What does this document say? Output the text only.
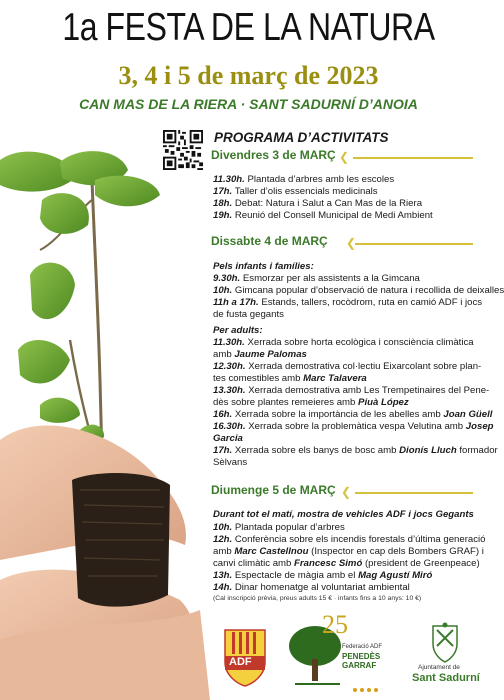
1a FESTA DE LA NATURA
3, 4 i 5 de març de 2023
CAN MAS DE LA RIERA · SANT SADURNÍ D’ANOIA
PROGRAMA D’ACTIVITATS
Divendres 3 de MARÇ ❮
11.30h. Plantada d’arbres amb les escoles
17h. Taller d’olis essencials medicinals
18h. Debat: Natura i Salut a Can Mas de la Riera
19h. Reunió del Consell Municipal de Medi Ambient
Dissabte 4 de MARÇ ❮
Pels infants i famílies:
9.30h. Esmorzar per als assistents a la Gimcana
10h. Gimcana popular d’observació de natura i recollida de deixalles
11h a 17h. Estands, tallers, rocòdrom, ruta en camió ADF i jocs
de fusta gegants
Per adults:
11.30h. Xerrada sobre horta ecològica i consciència climàtica
amb Jaume Palomas
12.30h. Xerrada demostrativa col·lectiu Eixarcolant sobre plan-
tes comestibles amb Marc Talavera
13.30h. Xerrada demostrativa amb Les Trempetinaires del Pene-
dès sobre plantes remeieres amb Piuà López
16h. Xerrada sobre la importància de les abelles amb Joan Güell
16.30h. Xerrada sobre la problemàtica vespa Velutina amb Josep
Garcia
17h. Xerrada sobre els banys de bosc amb Dionís Lluch formador
Sèlvans
Diumenge 5 de MARÇ ❮
Durant tot el matí, mostra de vehicles ADF i jocs Gegants
10h. Plantada popular d’arbres
12h. Conferència sobre els incendis forestals d’última generació
amb Marc Castellnou (Inspector en cap dels Bombers GRAF) i
canvi climàtic amb Francesc Simó (president de Greenpeace)
13h. Espectacle de màgia amb el Mag Agustí Miró
14h. Dinar homenatge al voluntariat ambiental
(Cal inscripció prèvia, preus adults 15 € · infants fins a 10 anys: 10 €)
ADF
25
Federació ADF
PENEDÈS
GARRAF	Ajuntament de
Sant Sadurní
